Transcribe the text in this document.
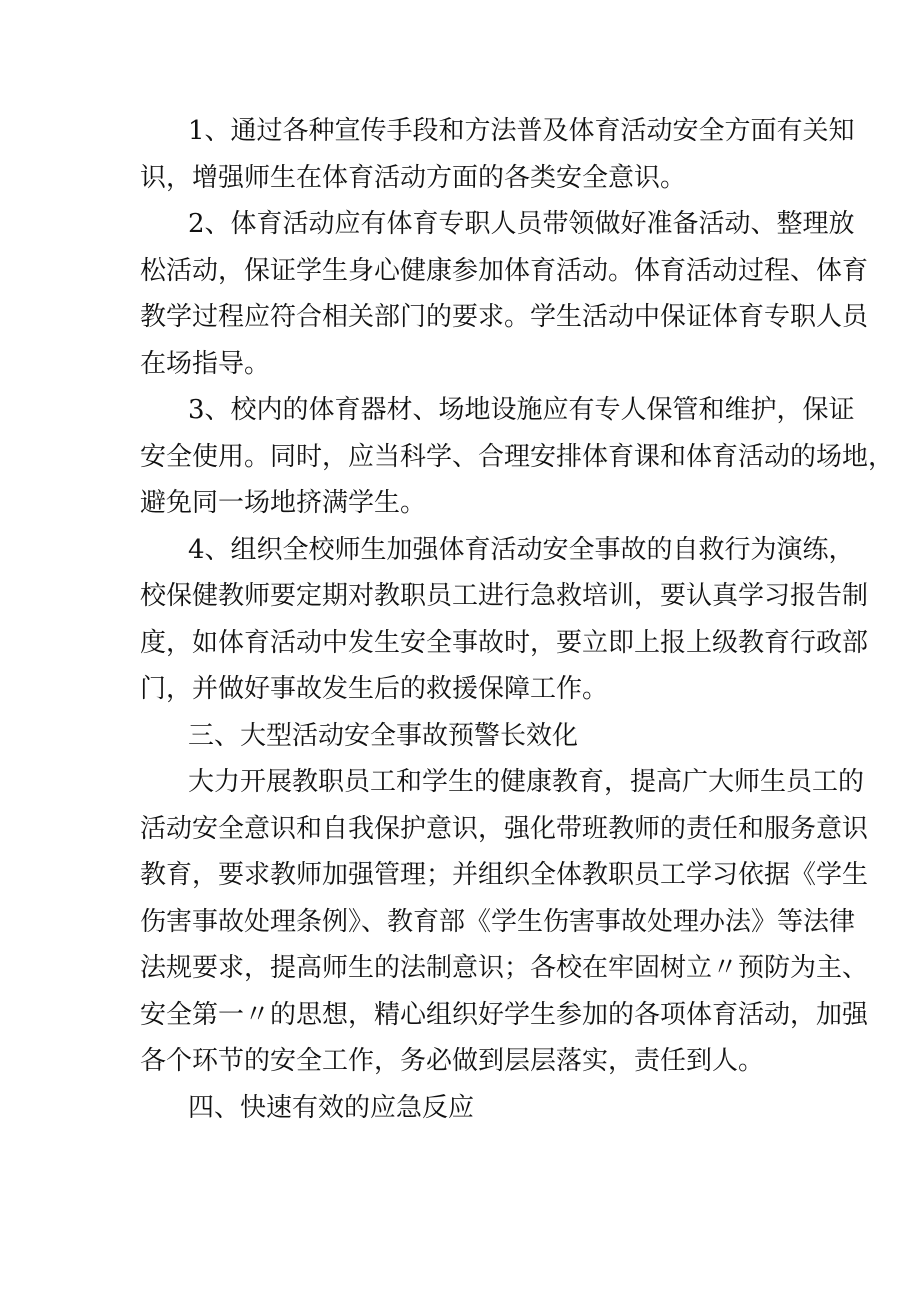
1、通过各种宣传手段和方法普及体育活动安全方面有关知
识，增强师生在体育活动方面的各类安全意识。

2、体育活动应有体育专职人员带领做好准备活动、整理放
松活动，保证学生身心健康参加体育活动。体育活动过程、体育
教学过程应符合相关部门的要求。学生活动中保证体育专职人员
在场指导。

3、校内的体育器材、场地设施应有专人保管和维护，保证
安全使用。同时，应当科学、合理安排体育课和体育活动的场地，
避免同一场地挤满学生。

4、组织全校师生加强体育活动安全事故的自救行为演练，
校保健教师要定期对教职员工进行急救培训，要认真学习报告制
度，如体育活动中发生安全事故时，要立即上报上级教育行政部
门，并做好事故发生后的救援保障工作。

三、大型活动安全事故预警长效化

大力开展教职员工和学生的健康教育，提高广大师生员工的
活动安全意识和自我保护意识，强化带班教师的责任和服务意识
教育，要求教师加强管理；并组织全体教职员工学习依据《学生
伤害事故处理条例》、教育部《学生伤害事故处理办法》等法律
法规要求，提高师生的法制意识；各校在牢固树立〃预防为主、
安全第一〃的思想，精心组织好学生参加的各项体育活动，加强
各个环节的安全工作，务必做到层层落实，责任到人。

四、快速有效的应急反应
